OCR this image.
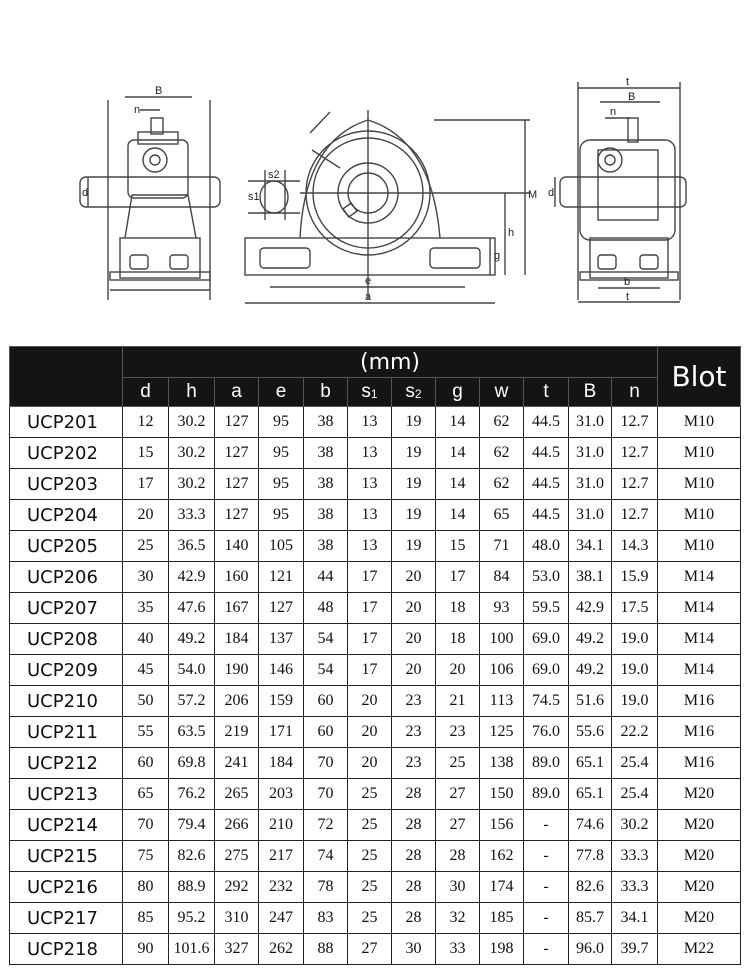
B
n
d
s2
s1	M
h
g
e
a
t
B
n
d
b
t
	(mm)												Blot
	d	h	a	e	b	$s_1$	$s_2$	g	w	t	B	n	
UCP201	12	30.2	127	95	38	13	19	14	62	44.5	31.0	12.7	M10
UCP202	15	30.2	127	95	38	13	19	14	62	44.5	31.0	12.7	M10
UCP203	17	30.2	127	95	38	13	19	14	62	44.5	31.0	12.7	M10
UCP204	20	33.3	127	95	38	13	19	14	65	44.5	31.0	12.7	M10
UCP205	25	36.5	140	105	38	13	19	15	71	48.0	34.1	14.3	M10
UCP206	30	42.9	160	121	44	17	20	17	84	53.0	38.1	15.9	M14
UCP207	35	47.6	167	127	48	17	20	18	93	59.5	42.9	17.5	M14
UCP208	40	49.2	184	137	54	17	20	18	100	69.0	49.2	19.0	M14
UCP209	45	54.0	190	146	54	17	20	20	106	69.0	49.2	19.0	M14
UCP210	50	57.2	206	159	60	20	23	21	113	74.5	51.6	19.0	M16
UCP211	55	63.5	219	171	60	20	23	23	125	76.0	55.6	22.2	M16
UCP212	60	69.8	241	184	70	20	23	25	138	89.0	65.1	25.4	M16
UCP213	65	76.2	265	203	70	25	28	27	150	89.0	65.1	25.4	M20
UCP214	70	79.4	266	210	72	25	28	27	156	-	74.6	30.2	M20
UCP215	75	82.6	275	217	74	25	28	28	162	-	77.8	33.3	M20
UCP216	80	88.9	292	232	78	25	28	30	174	-	82.6	33.3	M20
UCP217	85	95.2	310	247	83	25	28	32	185	-	85.7	34.1	M20
UCP218	90	101.6	327	262	88	27	30	33	198	-	96.0	39.7	M22
